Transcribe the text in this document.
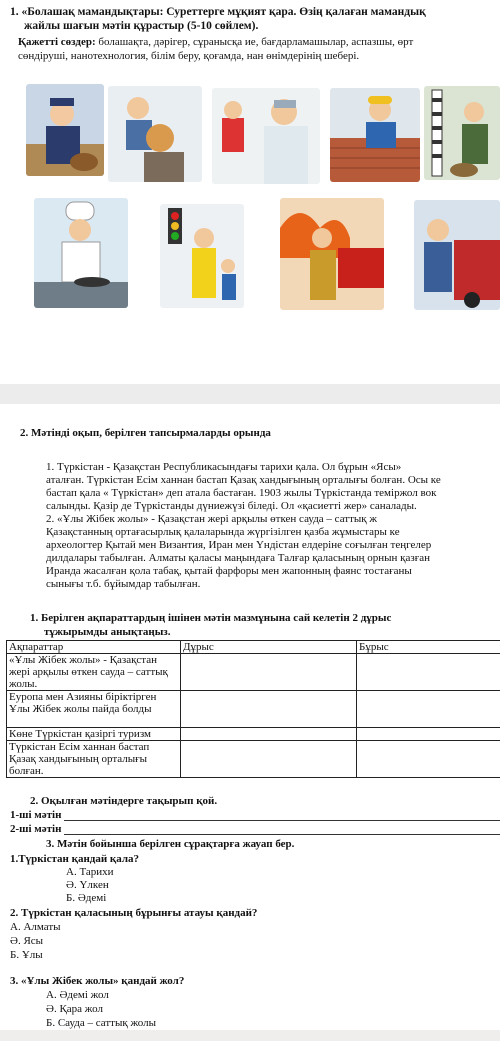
1. «Болашақ мамандықтары: Суреттерге мұқият қара. Өзің қалаған мамандық
жайлы шағын мәтін құрастыр (5-10 сөйлем).
Қажетті сөздер: болашақта, дәрігер, сұранысқа ие, бағдарламашылар, аспазшы, өрт
сөндіруші, нанотехнология, білім беру, қоғамда, нан өнімдерінің шебері.
2. Мәтінді оқып, берілген тапсырмаларды орында
1. Түркістан - Қазақстан Республикасындағы тарихи қала. Ол бұрын «Ясы»
аталған. Түркістан Есім ханнан бастап Қазақ хандығының орталығы болған. Осы ке
бастап қала « Түркістан» деп атала бастаған. 1903 жылы Түркістанда теміржол вок
салынды. Қазір де Түркістанды дүниежүзі біледі. Ол «қасиетті жер» саналады.
2. «Ұлы Жібек жолы» - Қазақстан жері арқылы өткен сауда – саттық ж
Қазақстанның ортағасырлық қалаларында жүргізілген қазба жұмыстары ке
археологтер Қытай мен Византия, Иран мен Үндістан елдеріне соғылған теңгелер
дилдалары табылған. Алматы қаласы маңындаға Талғар қаласының орнын қазған
Иранда жасалған қола табақ, қытай фарфоры мен жапонның фаянс тостағаны
сынығы т.б. бұйымдар табылған.
1. Берілген ақпараттардың ішінен мәтін мазмұнына сай келетін 2 дұрыс
тұжырымды анықтаңыз.
Ақпараттар	Дұрыс	Бұрыс
«Ұлы Жібек жолы» - Қазақстан жері арқылы өткен сауда – саттық жолы.		
Еуропа мен Азияны біріктірген Ұлы Жібек жолы пайда болды		
Көне Түркістан қазіргі туризм		
Түркістан Есім ханнан бастап Қазақ хандығының орталығы болған.		
2. Оқылған мәтіндерге тақырып қой.
1-ші мәтін
2-ші мәтін
3. Мәтін бойынша берілген сұрақтарға жауап бер.
1.Түркістан қандай қала?
А. Тарихи
Ә. Үлкен
Б. Әдемі
2. Түркістан қаласының бұрынғы атауы қандай?
А. Алматы
Ә. Ясы
Б. Ұлы
3. «Ұлы Жібек жолы» қандай жол?
А. Әдемі жол
Ә. Қара жол
Б. Сауда – саттық жолы
